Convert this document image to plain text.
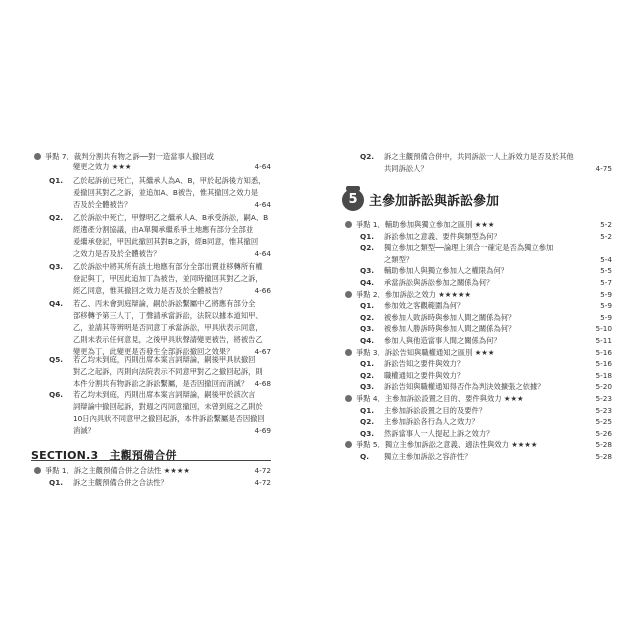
爭點 7．裁判分割共有物之訴──對一造當事人撤回或
變更之效力 ★★★	4-64
Q1. 乙於起訴前已死亡，其繼承人為A、B，甲於起訴後方知悉，
爰撤回其對乙之訴，並追加A、B被告，惟其撤回之效力是
否及於全體被告？	4-64
Q2. 乙於訴訟中死亡，甲聲明乙之繼承人A、B承受訴訟，嗣A、B
經遺產分割協議，由A單獨承繼系爭土地應有部分全部並
爰繼承登記，甲因此撤回其對B之訴，經B同意，惟其撤回
之效力是否及於全體被告？	4-64
Q3. 乙於訴訟中將其所有該土地應有部分全部出賣並移轉所有權
登記與丁，甲因此追加丁為被告，並同時撤回其對乙之訴，
經乙同意，惟其撤回之效力是否及於全體被告？	4-66
Q4. 若乙、丙未會到庭辯論，嗣於訴訟繫屬中乙將應有部分全
部移轉予第三人丁，丁聲請承當訴訟，法院以據本道知甲、
乙，並請其等辨明是否同意丁承當訴訟，甲具狀表示同意，
乙則未表示任何意見，之後甲具狀聲請變更被告，將被告乙
變更為丁，此變更是否發生全部訴訟撤回之效果？	4-67
Q5. 若乙均未到庭，丙則出席本案言詞辯論，嗣後甲具狀撤回
對乙之起訴，丙則向法院表示不同意甲對乙之撤回起訴，則
本件分割共有物訴訟之訴訟繫屬，是否因撤回而消滅？ 4-68
Q6. 若乙均未到庭，丙則出席本案言詞辯論，嗣後甲於該次言
詞辯論中撤回起訴，對週之丙同意撤回，未曾到庭之乙則於
10日內具狀不同意甲之撤回起訴，本件訴訟繫屬是否因撤回
消滅？	4-69
SECTION.3　主觀預備合併
爭點 1．訴之主觀預備合併之合法性 ★★★★	4-72
Q1. 訴之主觀預備合併之合法性？	4-72
Q2. 訴之主觀預備合併中，共同訴訟一人上訴效力是否及於其他
共同訴訟人？	4-75
5 主參加訴訟與訴訟參加
爭點 1．輔助參加與獨立參加之區別 ★★★	5-2
Q1. 訴訟參加之意義、要件與類型為何？	5-2
Q2. 獨立參加之類型──論理上須合一確定是否為獨立參加
之類型？	5-4
Q3. 輔助參加人與獨立參加人之權限為何？	5-5
Q4. 承當訴訟與訴訟參加之關係為何？	5-7
爭點 2．參加訴訟之效力 ★★★★★	5-9
Q1. 參加效之客觀範圍為何？	5-9
Q2. 被參加人敗訴時與參加人間之關係為何？	5-9
Q3. 被參加人勝訴時與參加人間之關係為何？	5-10
Q4. 參加人與他造當事人間之關係為何？	5-11
爭點 3．訴訟告知與職權通知之區別 ★★★	5-16
Q1. 訴訟告知之要件與效力？	5-16
Q2. 職權通知之要件與效力？	5-18
Q3. 訴訟告知與職權通知得否作為判決效擴張之依據？	5-20
爭點 4．主參加訴訟設置之目的、要件與效力 ★★★	5-23
Q1. 主參加訴訟設置之目的及要件？	5-23
Q2. 主參加訴訟各行為人之效力？	5-25
Q3. 然訴當事人一人提起上訴之效力？	5-26
爭點 5．獨立主參加訴訟之意義、適法性與效力 ★★★★	5-28
Q. 獨立主參加訴訟之容許性？	5-28
